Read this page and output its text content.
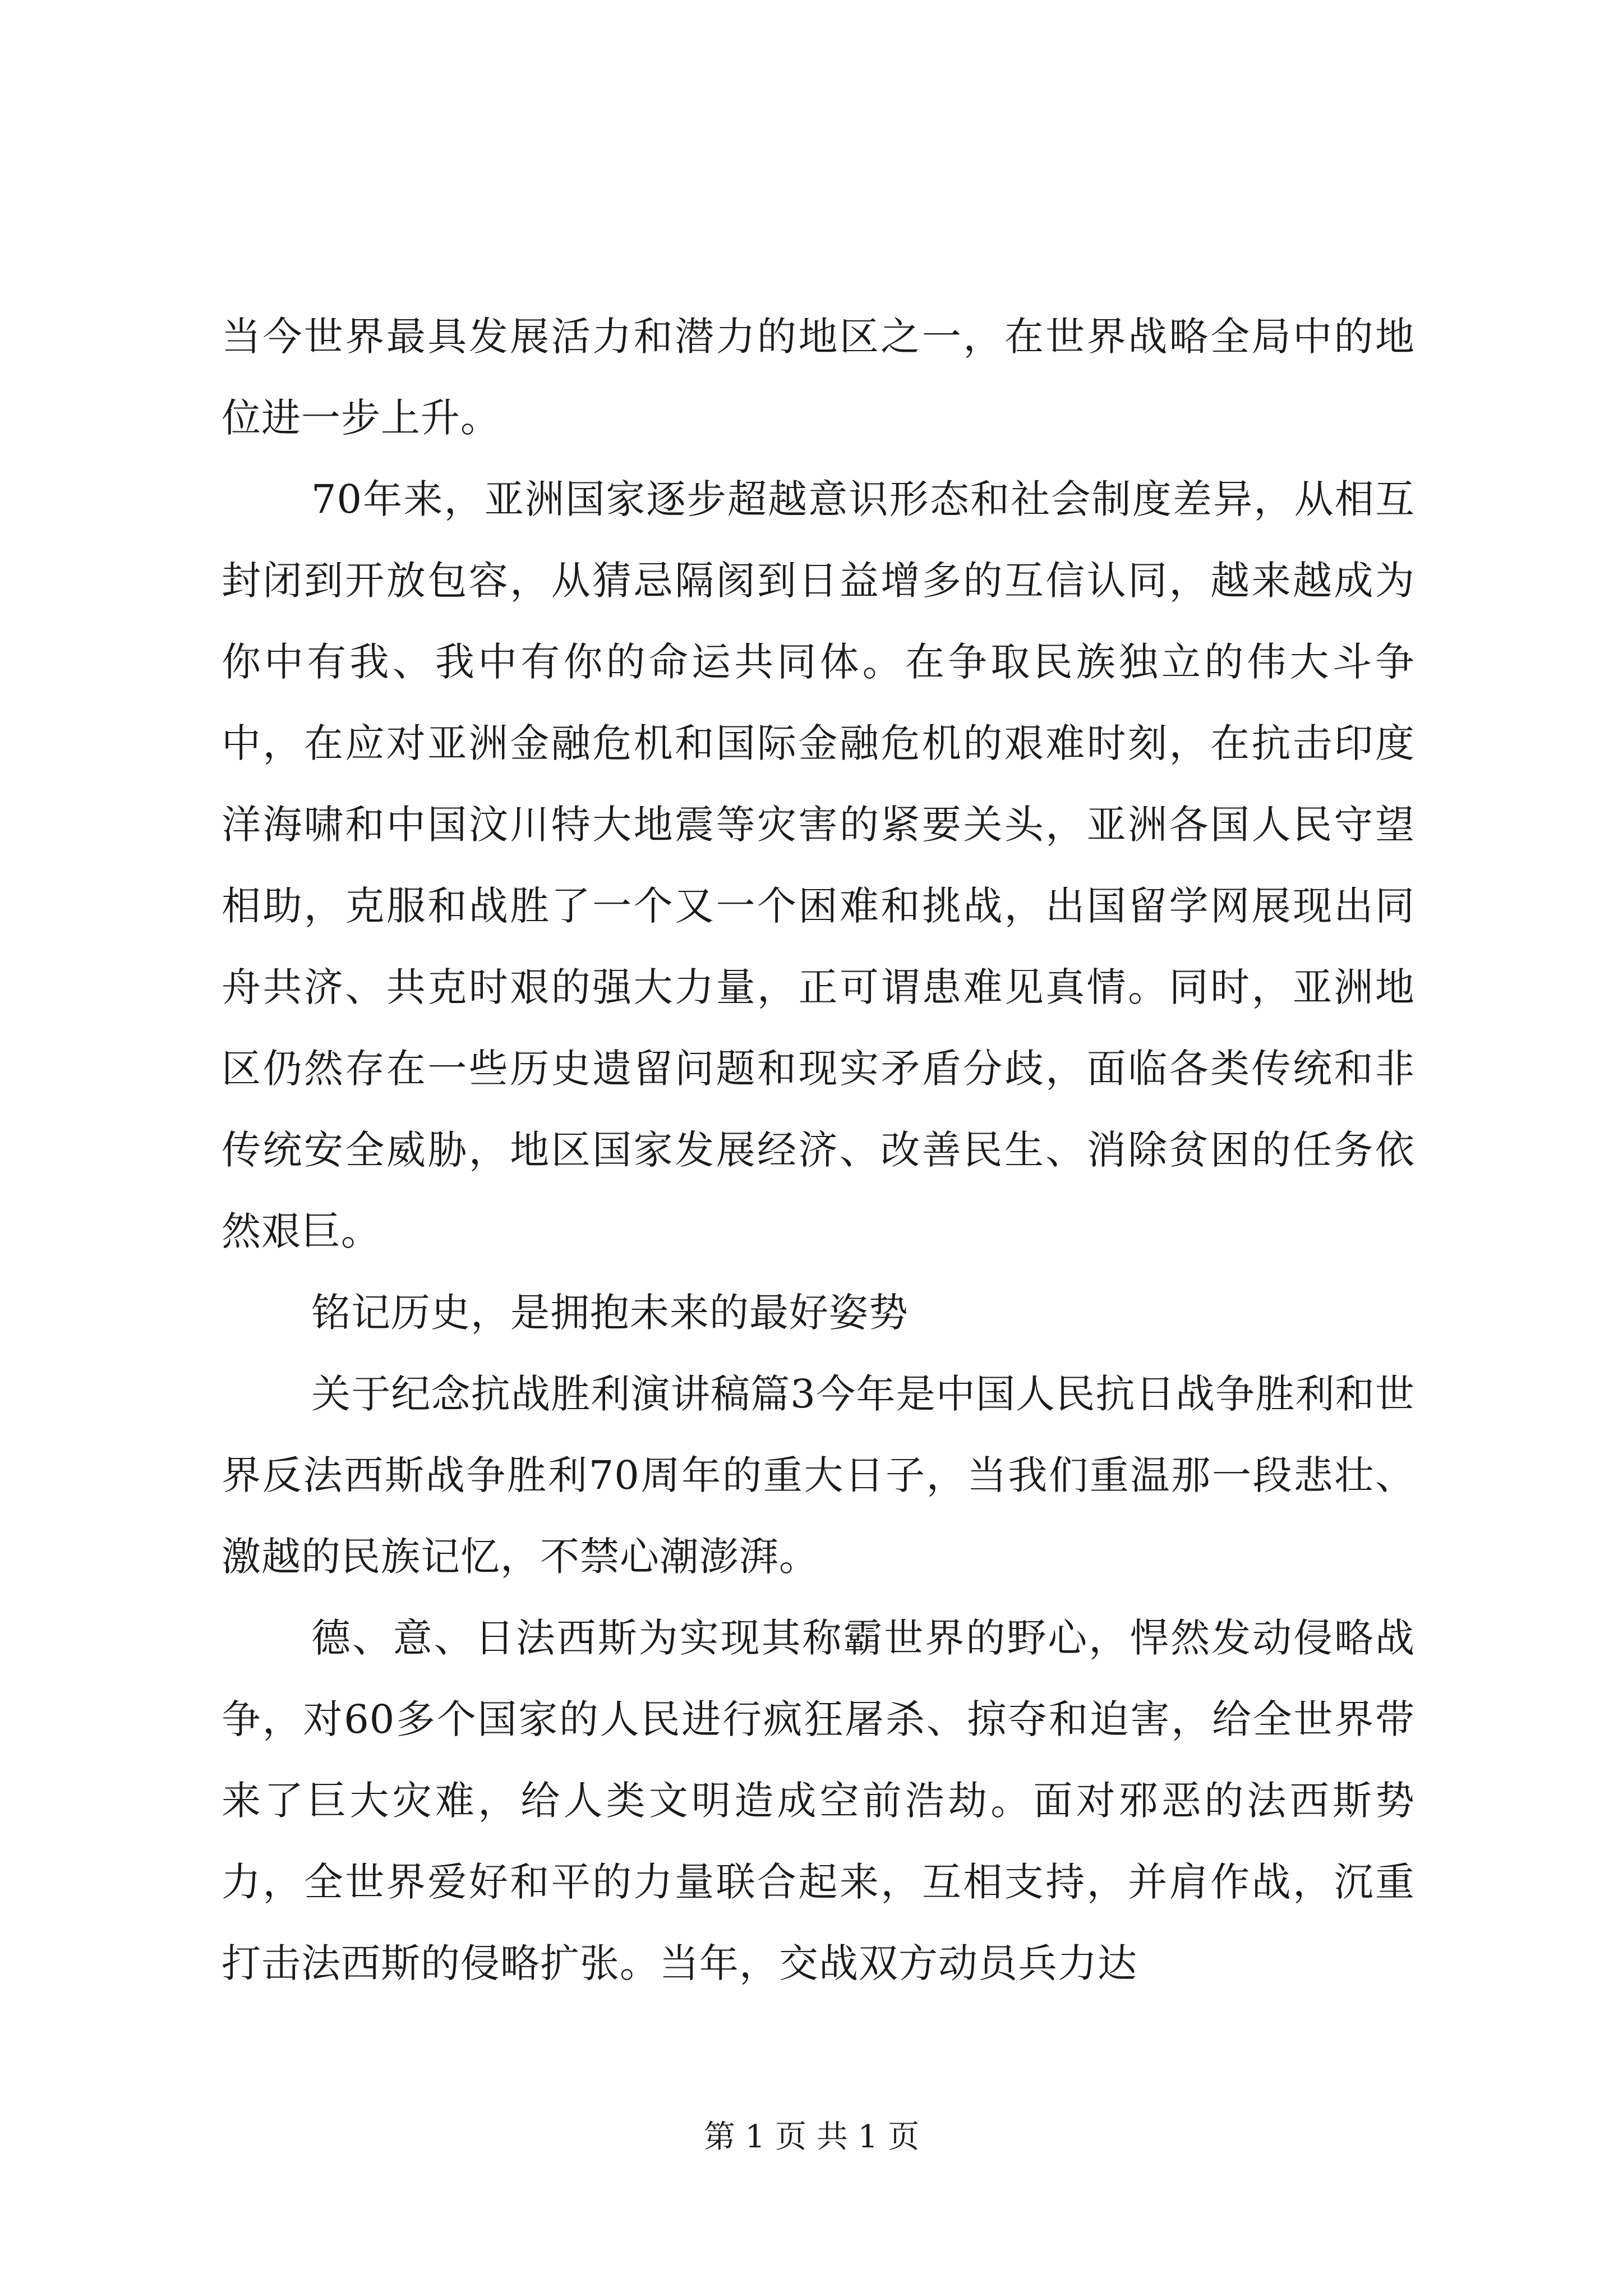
当今世界最具发展活力和潜力的地区之一，在世界战略全局中的地位进一步上升。

70年来，亚洲国家逐步超越意识形态和社会制度差异，从相互封闭到开放包容，从猜忌隔阂到日益增多的互信认同，越来越成为你中有我、我中有你的命运共同体。在争取民族独立的伟大斗争中，在应对亚洲金融危机和国际金融危机的艰难时刻，在抗击印度洋海啸和中国汶川特大地震等灾害的紧要关头，亚洲各国人民守望相助，克服和战胜了一个又一个困难和挑战，出国留学网展现出同舟共济、共克时艰的强大力量，正可谓患难见真情。同时，亚洲地区仍然存在一些历史遗留问题和现实矛盾分歧，面临各类传统和非传统安全威胁，地区国家发展经济、改善民生、消除贫困的任务依然艰巨。

铭记历史，是拥抱未来的最好姿势

关于纪念抗战胜利演讲稿篇3今年是中国人民抗日战争胜利和世界反法西斯战争胜利70周年的重大日子，当我们重温那一段悲壮、激越的民族记忆，不禁心潮澎湃。

德、意、日法西斯为实现其称霸世界的野心，悍然发动侵略战争，对60多个国家的人民进行疯狂屠杀、掠夺和迫害，给全世界带来了巨大灾难，给人类文明造成空前浩劫。面对邪恶的法西斯势力，全世界爱好和平的力量联合起来，互相支持，并肩作战，沉重打击法西斯的侵略扩张。当年，交战双方动员兵力达

第 1 页 共 1 页
